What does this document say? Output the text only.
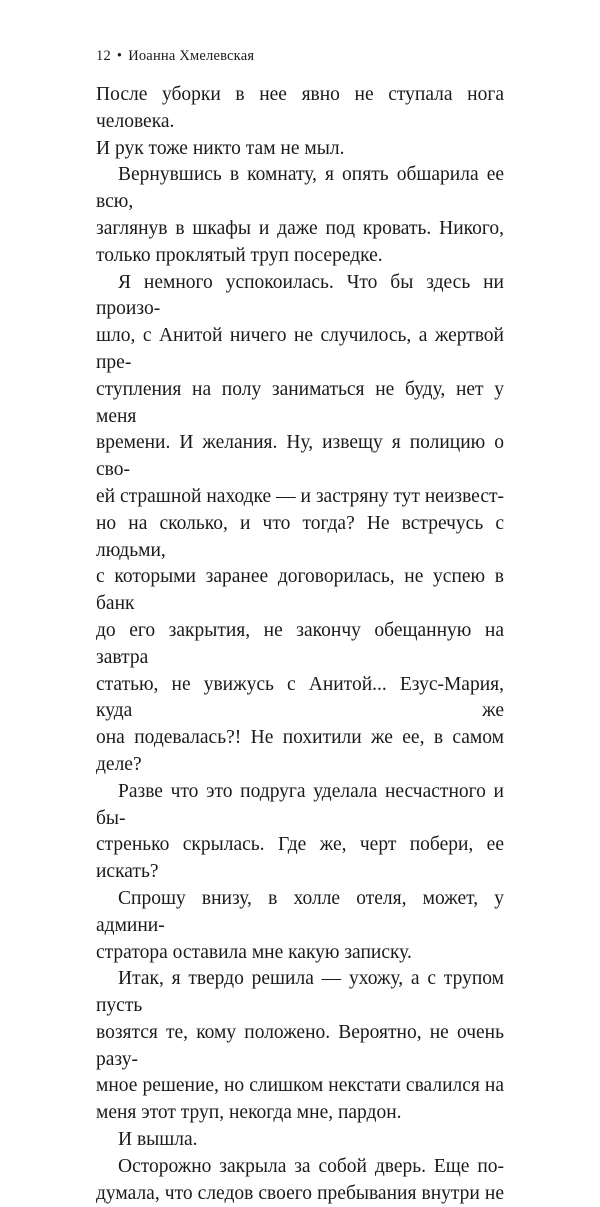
12 • Иоанна Хмелевская

После уборки в нее явно не ступала нога человека.

И рук тоже никто там не мыл.

Вернувшись в комнату, я опять обшарила ее всю,

заглянув в шкафы и даже под кровать. Никого,

только проклятый труп посередке.

Я немного успокоилась. Что бы здесь ни произо-

шло, с Анитой ничего не случилось, а жертвой пре-

ступления на полу заниматься не буду, нет у меня

времени. И желания. Ну, извещу я полицию о сво-

ей страшной находке — и застряну тут неизвест-

но на сколько, и что тогда? Не встречусь с людьми,

с которыми заранее договорилась, не успею в банк

до его закрытия, не закончу обещанную на завтра

статью, не увижусь с Анитой... Езус-Мария, куда же

она подевалась?! Не похитили же ее, в самом деле?

Разве что это подруга уделала несчастного и бы-

стренько скрылась. Где же, черт побери, ее искать?

Спрошу внизу, в холле отеля, может, у админи-

стратора оставила мне какую записку.

Итак, я твердо решила — ухожу, а с трупом пусть

возятся те, кому положено. Вероятно, не очень разу-

мное решение, но слишком некстати свалился на

меня этот труп, некогда мне, пардон.

И вышла.

Осторожно закрыла за собой дверь. Еще по-

думала, что следов своего пребывания внутри не
